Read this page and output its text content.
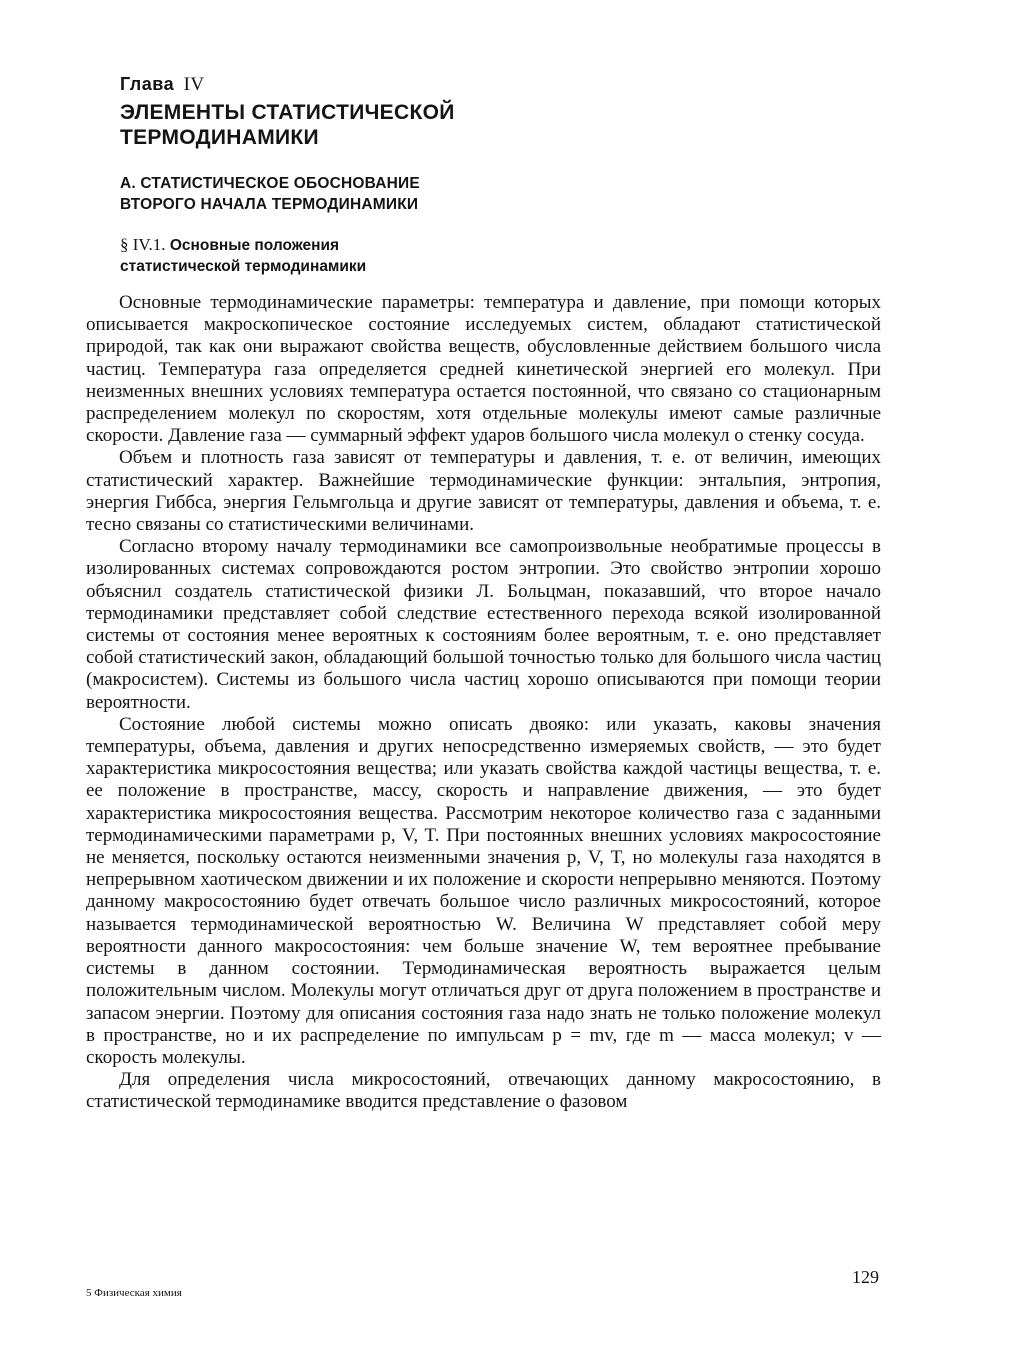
Глава IV
ЭЛЕМЕНТЫ СТАТИСТИЧЕСКОЙ
ТЕРМОДИНАМИКИ
А. СТАТИСТИЧЕСКОЕ ОБОСНОВАНИЕ
ВТОРОГО НАЧАЛА ТЕРМОДИНАМИКИ
§ IV.1. Основные положения
статистической термодинамики

Основные термодинамические параметры: температура и давление, при помощи которых описывается макроскопическое состояние исследуемых систем, обладают статистической природой, так как они выражают свойства веществ, обусловленные действием большого числа частиц. Температура газа определяется средней кинетической энергией его молекул. При неизменных внешних условиях температура остается постоянной, что связано со стационарным распределением молекул по скоростям, хотя отдельные молекулы имеют самые различные скорости. Давление газа — суммарный эффект ударов большого числа молекул о стенку сосуда.

Объем и плотность газа зависят от температуры и давления, т. е. от величин, имеющих статистический характер. Важнейшие термодинамические функции: энтальпия, энтропия, энергия Гиббса, энергия Гельмгольца и другие зависят от температуры, давления и объема, т. е. тесно связаны со статистическими величинами.

Согласно второму началу термодинамики все самопроизвольные необратимые процессы в изолированных системах сопровождаются ростом энтропии. Это свойство энтропии хорошо объяснил создатель статистической физики Л. Больцман, показавший, что второе начало термодинамики представляет собой следствие естественного перехода всякой изолированной системы от состояния менее вероятных к состояниям более вероятным, т. е. оно представляет собой статистический закон, обладающий большой точностью только для большого числа частиц (макросистем). Системы из большого числа частиц хорошо описываются при помощи теории вероятности.

Состояние любой системы можно описать двояко: или указать, каковы значения температуры, объема, давления и других непосредственно измеряемых свойств, — это будет характеристика микросостояния вещества; или указать свойства каждой частицы вещества, т. е. ее положение в пространстве, массу, скорость и направление движения, — это будет характеристика микросостояния вещества. Рассмотрим некоторое количество газа с заданными термодинамическими параметрами p, V, T. При постоянных внешних условиях макросостояние не меняется, поскольку остаются неизменными значения p, V, T, но молекулы газа находятся в непрерывном хаотическом движении и их положение и скорости непрерывно меняются. Поэтому данному макросостоянию будет отвечать большое число различных микросостояний, которое называется термодинамической вероятностью W. Величина W представляет собой меру вероятности данного макросостояния: чем больше значение W, тем вероятнее пребывание системы в данном состоянии. Термодинамическая вероятность выражается целым положительным числом. Молекулы могут отличаться друг от друга положением в пространстве и запасом энергии. Поэтому для описания состояния газа надо знать не только положение молекул в пространстве, но и их распределение по импульсам p = mv, где m — масса молекул; v — скорость молекулы.

Для определения числа микросостояний, отвечающих данному макросостоянию, в статистической термодинамике вводится представление о фазовом

5 Физическая химия
129
